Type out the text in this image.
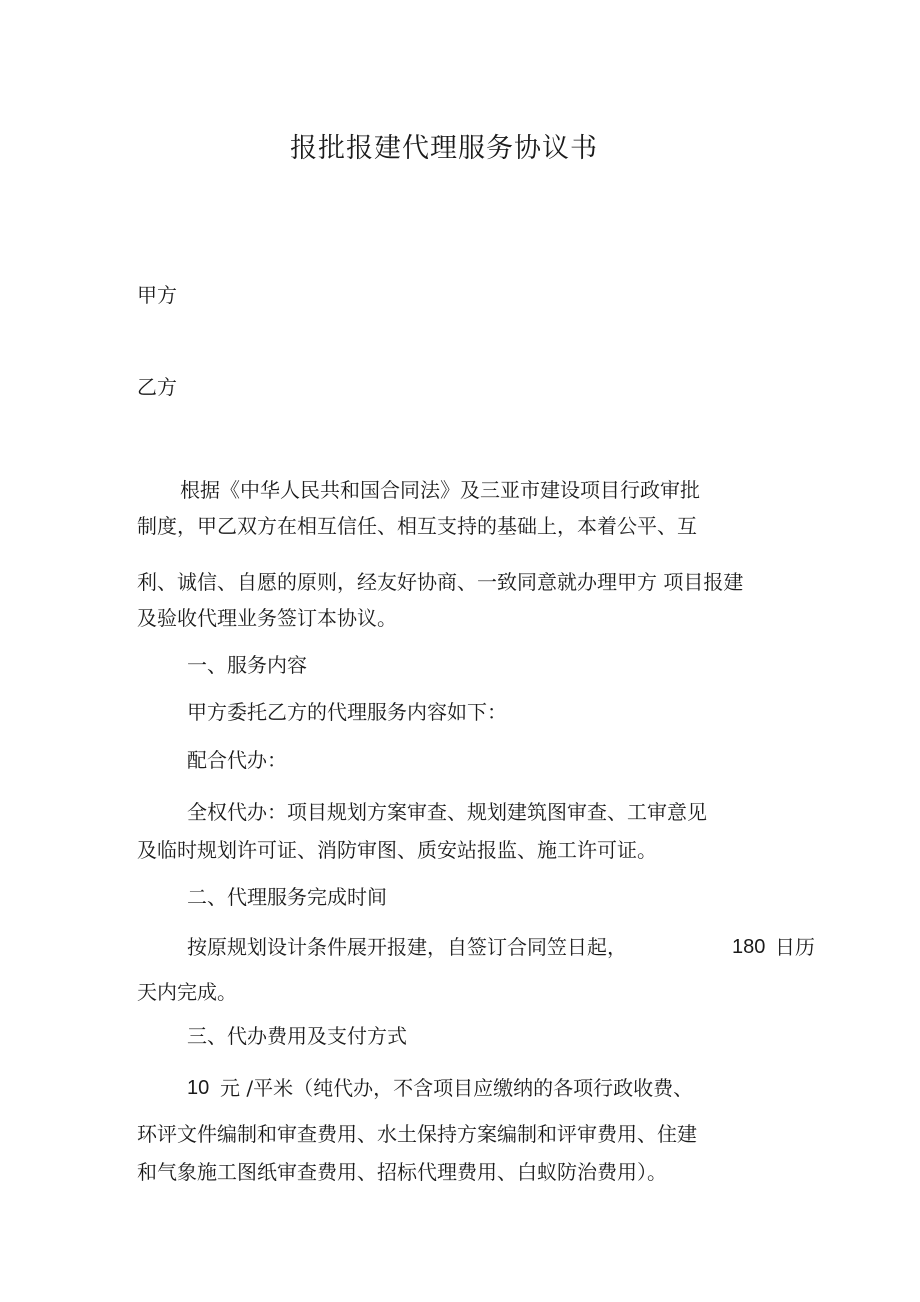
报批报建代理服务协议书
甲方
乙方
根据《中华人民共和国合同法》及三亚市建设项目行政审批
制度，甲乙双方在相互信任、相互支持的基础上，本着公平、互
利、诚信、自愿的原则，经友好协商、一致同意就办理甲方 项目报建
及验收代理业务签订本协议。
一、服务内容
甲方委托乙方的代理服务内容如下：
配合代办：
全权代办：项目规划方案审查、规划建筑图审查、工审意见
及临时规划许可证、消防审图、质安站报监、施工许可证。
二、代理服务完成时间
按原规划设计条件展开报建，自签订合同笠日起，	180 日历
天内完成。
三、代办费用及支付方式
10 元 /平米（纯代办，不含项目应缴纳的各项行政收费、
环评文件编制和审查费用、水土保持方案编制和评审费用、住建
和气象施工图纸审查费用、招标代理费用、白蚁防治费用）。
